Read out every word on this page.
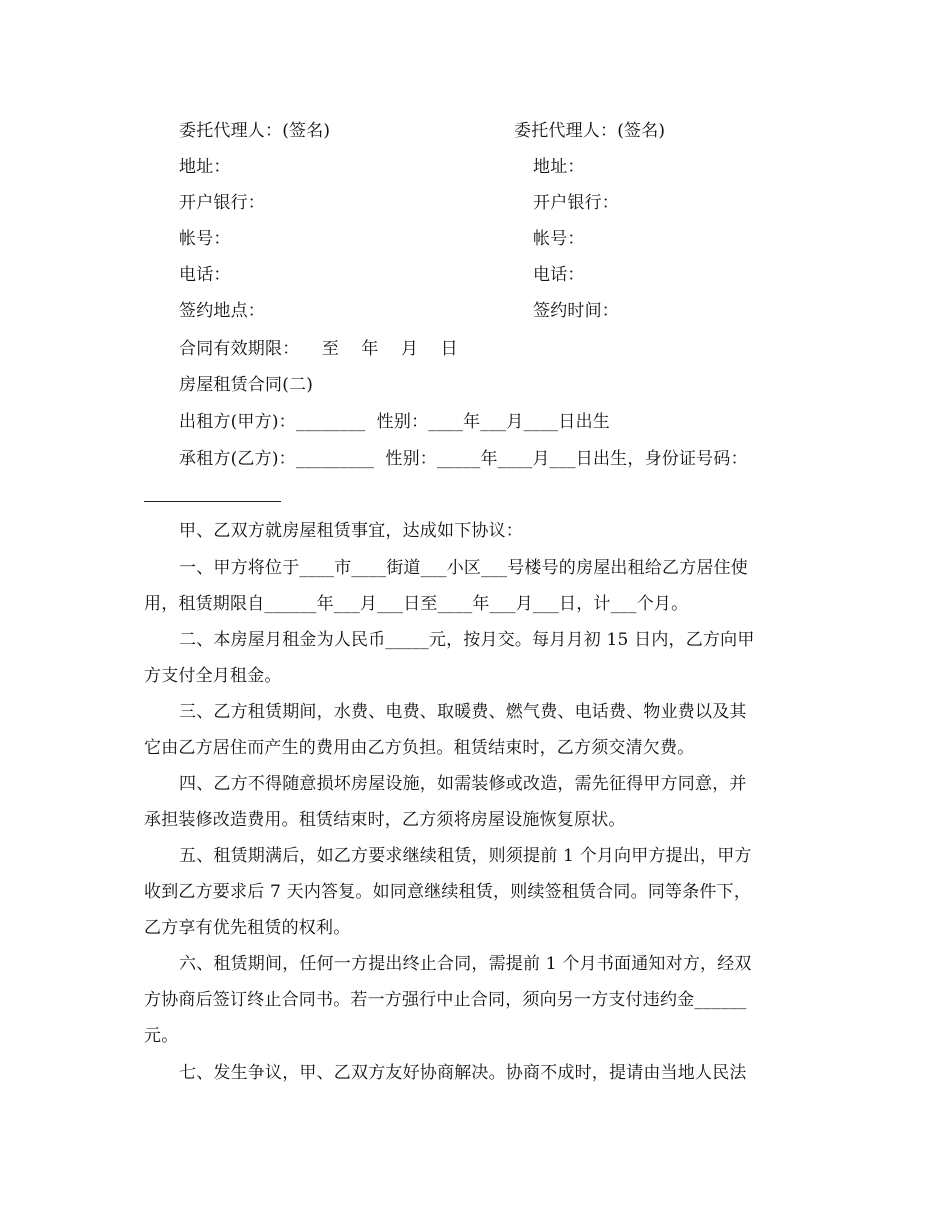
委托代理人：(签名)
地址：
开户银行：
帐号：
电话：
签约地点：
委托代理人：(签名)
地址：
开户银行：
帐号：
电话：
签约时间：
合同有效期限：    至    年    月    日
房屋租赁合同(二)
出租方(甲方)：________  性别：____年___月____日出生
承租方(乙方)：_________  性别：_____年____月___日出生，身份证号码：
甲、乙双方就房屋租赁事宜，达成如下协议：
一、甲方将位于____市____街道___小区___号楼号的房屋出租给乙方居住使
用，租赁期限自______年___月___日至____年___月___日，计___个月。
二、本房屋月租金为人民币_____元，按月交。每月月初 15 日内，乙方向甲
方支付全月租金。
三、乙方租赁期间，水费、电费、取暖费、燃气费、电话费、物业费以及其
它由乙方居住而产生的费用由乙方负担。租赁结束时，乙方须交清欠费。
四、乙方不得随意损坏房屋设施，如需装修或改造，需先征得甲方同意，并
承担装修改造费用。租赁结束时，乙方须将房屋设施恢复原状。
五、租赁期满后，如乙方要求继续租赁，则须提前 1 个月向甲方提出，甲方
收到乙方要求后 7 天内答复。如同意继续租赁，则续签租赁合同。同等条件下，
乙方享有优先租赁的权利。
六、租赁期间，任何一方提出终止合同，需提前 1 个月书面通知对方，经双
方协商后签订终止合同书。若一方强行中止合同，须向另一方支付违约金______
元。
七、发生争议，甲、乙双方友好协商解决。协商不成时，提请由当地人民法
